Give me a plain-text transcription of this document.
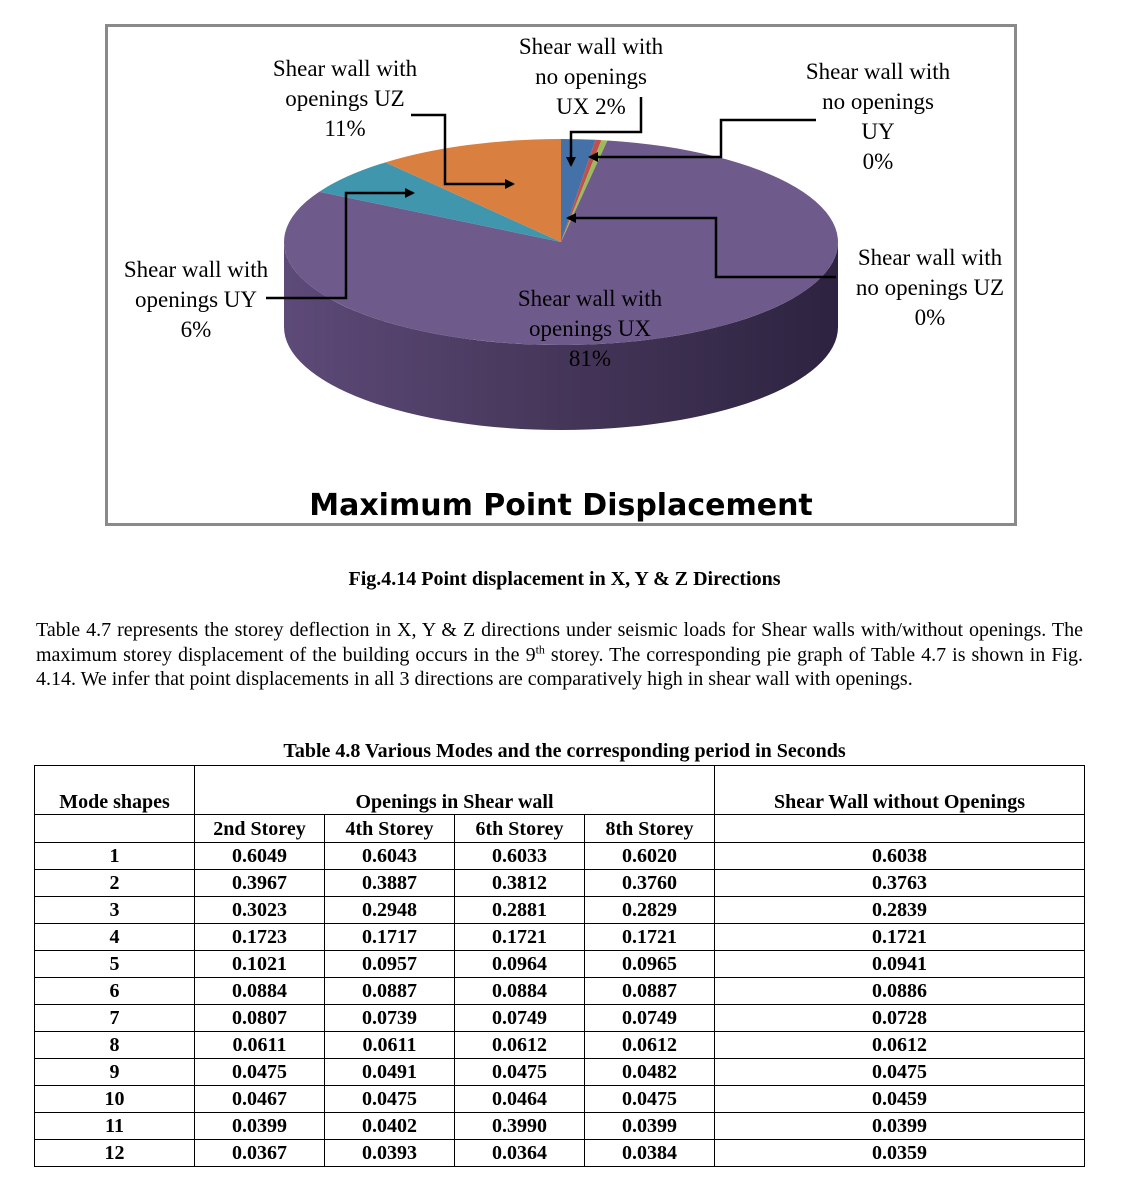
Shear wall with no openings UX 2%
Shear wall with no openings UY 0%
Shear wall with no openings UZ 0%
Shear wall with openings UX 81%
Shear wall with openings UY 6%
Shear wall with openings UZ 11%
Maximum Point Displacement
Fig.4.14 Point displacement in X, Y & Z Directions
Table 4.7 represents the storey deflection in X, Y & Z directions under seismic loads for Shear walls with/without openings. The maximum storey displacement of the building occurs in the 9th storey. The corresponding pie graph of Table 4.7 is shown in Fig. 4.14. We infer that point displacements in all 3 directions are comparatively high in shear wall with openings.
Table 4.8 Various Modes and the corresponding period in Seconds
Mode shapes	Openings in Shear wall				Shear Wall without Openings
	2nd Storey	4th Storey	6th Storey	8th Storey	
1	0.6049	0.6043	0.6033	0.6020	0.6038
2	0.3967	0.3887	0.3812	0.3760	0.3763
3	0.3023	0.2948	0.2881	0.2829	0.2839
4	0.1723	0.1717	0.1721	0.1721	0.1721
5	0.1021	0.0957	0.0964	0.0965	0.0941
6	0.0884	0.0887	0.0884	0.0887	0.0886
7	0.0807	0.0739	0.0749	0.0749	0.0728
8	0.0611	0.0611	0.0612	0.0612	0.0612
9	0.0475	0.0491	0.0475	0.0482	0.0475
10	0.0467	0.0475	0.0464	0.0475	0.0459
11	0.0399	0.0402	0.3990	0.0399	0.0399
12	0.0367	0.0393	0.0364	0.0384	0.0359
